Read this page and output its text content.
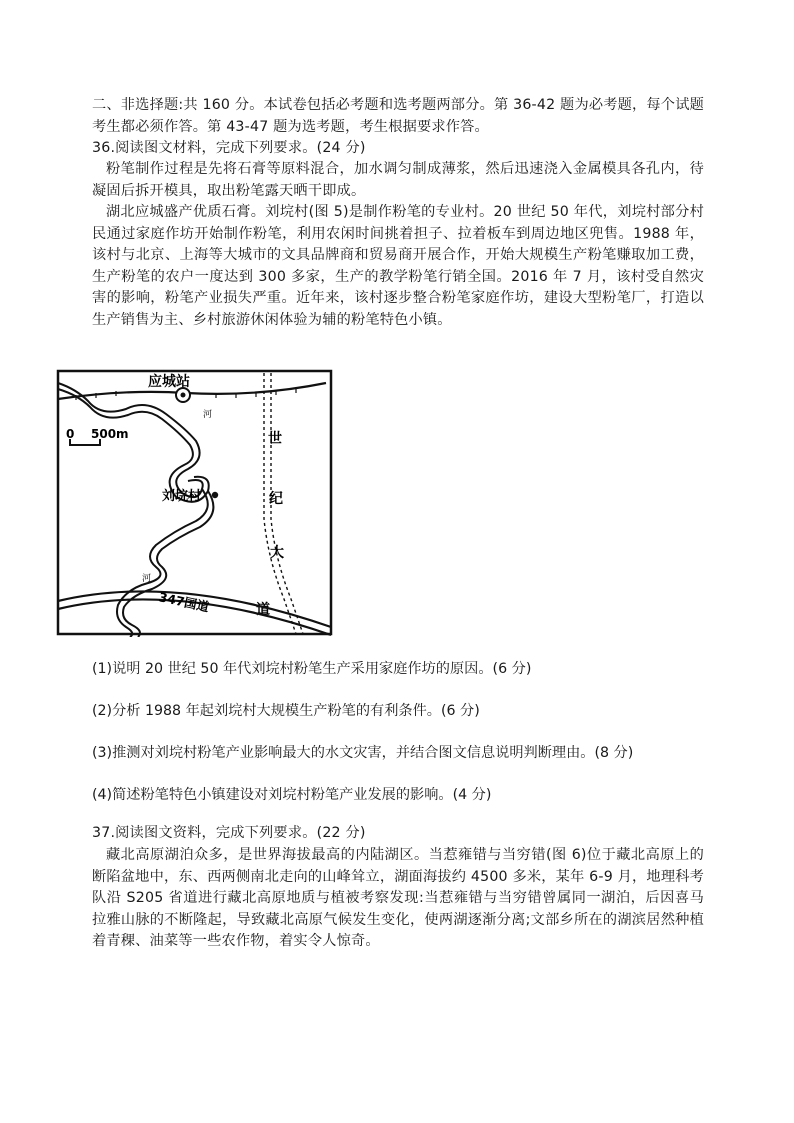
二、非选择题:共 160 分。本试卷包括必考题和选考题两部分。第 36-42 题为必考题，每个试题考生都必须作答。第 43-47 题为选考题，考生根据要求作答。
36.阅读图文材料，完成下列要求。(24 分)
粉笔制作过程是先将石膏等原料混合，加水调匀制成薄浆，然后迅速浇入金属模具各孔内，待凝固后拆开模具，取出粉笔露天晒干即成。
湖北应城盛产优质石膏。刘垸村(图 5)是制作粉笔的专业村。20 世纪 50 年代，刘垸村部分村民通过家庭作坊开始制作粉笔，利用农闲时间挑着担子、拉着板车到周边地区兜售。1988 年，该村与北京、上海等大城市的文具品牌商和贸易商开展合作，开始大规模生产粉笔赚取加工费，生产粉笔的农户一度达到 300 多家，生产的教学粉笔行销全国。2016 年 7 月，该村受自然灾害的影响，粉笔产业损失严重。近年来，该村逐步整合粉笔家庭作坊，建设大型粉笔厂，打造以生产销售为主、乡村旅游休闲体验为辅的粉笔特色小镇。
应城站
世
纪
大
道
河
河
0 500m
刘垸村
347国道
(1)说明 20 世纪 50 年代刘垸村粉笔生产采用家庭作坊的原因。(6 分)
(2)分析 1988 年起刘垸村大规模生产粉笔的有利条件。(6 分)
(3)推测对刘垸村粉笔产业影响最大的水文灾害，并结合图文信息说明判断理由。(8 分)
(4)简述粉笔特色小镇建设对刘垸村粉笔产业发展的影响。(4 分)
37.阅读图文资料，完成下列要求。(22 分)
藏北高原湖泊众多，是世界海拔最高的内陆湖区。当惹雍错与当穷错(图 6)位于藏北高原上的断陷盆地中，东、西两侧南北走向的山峰耸立，湖面海拔约 4500 多米，某年 6-9 月，地理科考队沿 S205 省道进行藏北高原地质与植被考察发现:当惹雍错与当穷错曾属同一湖泊，后因喜马拉雅山脉的不断隆起，导致藏北高原气候发生变化，使两湖逐渐分离;文部乡所在的湖滨居然种植着青稞、油菜等一些农作物，着实令人惊奇。
